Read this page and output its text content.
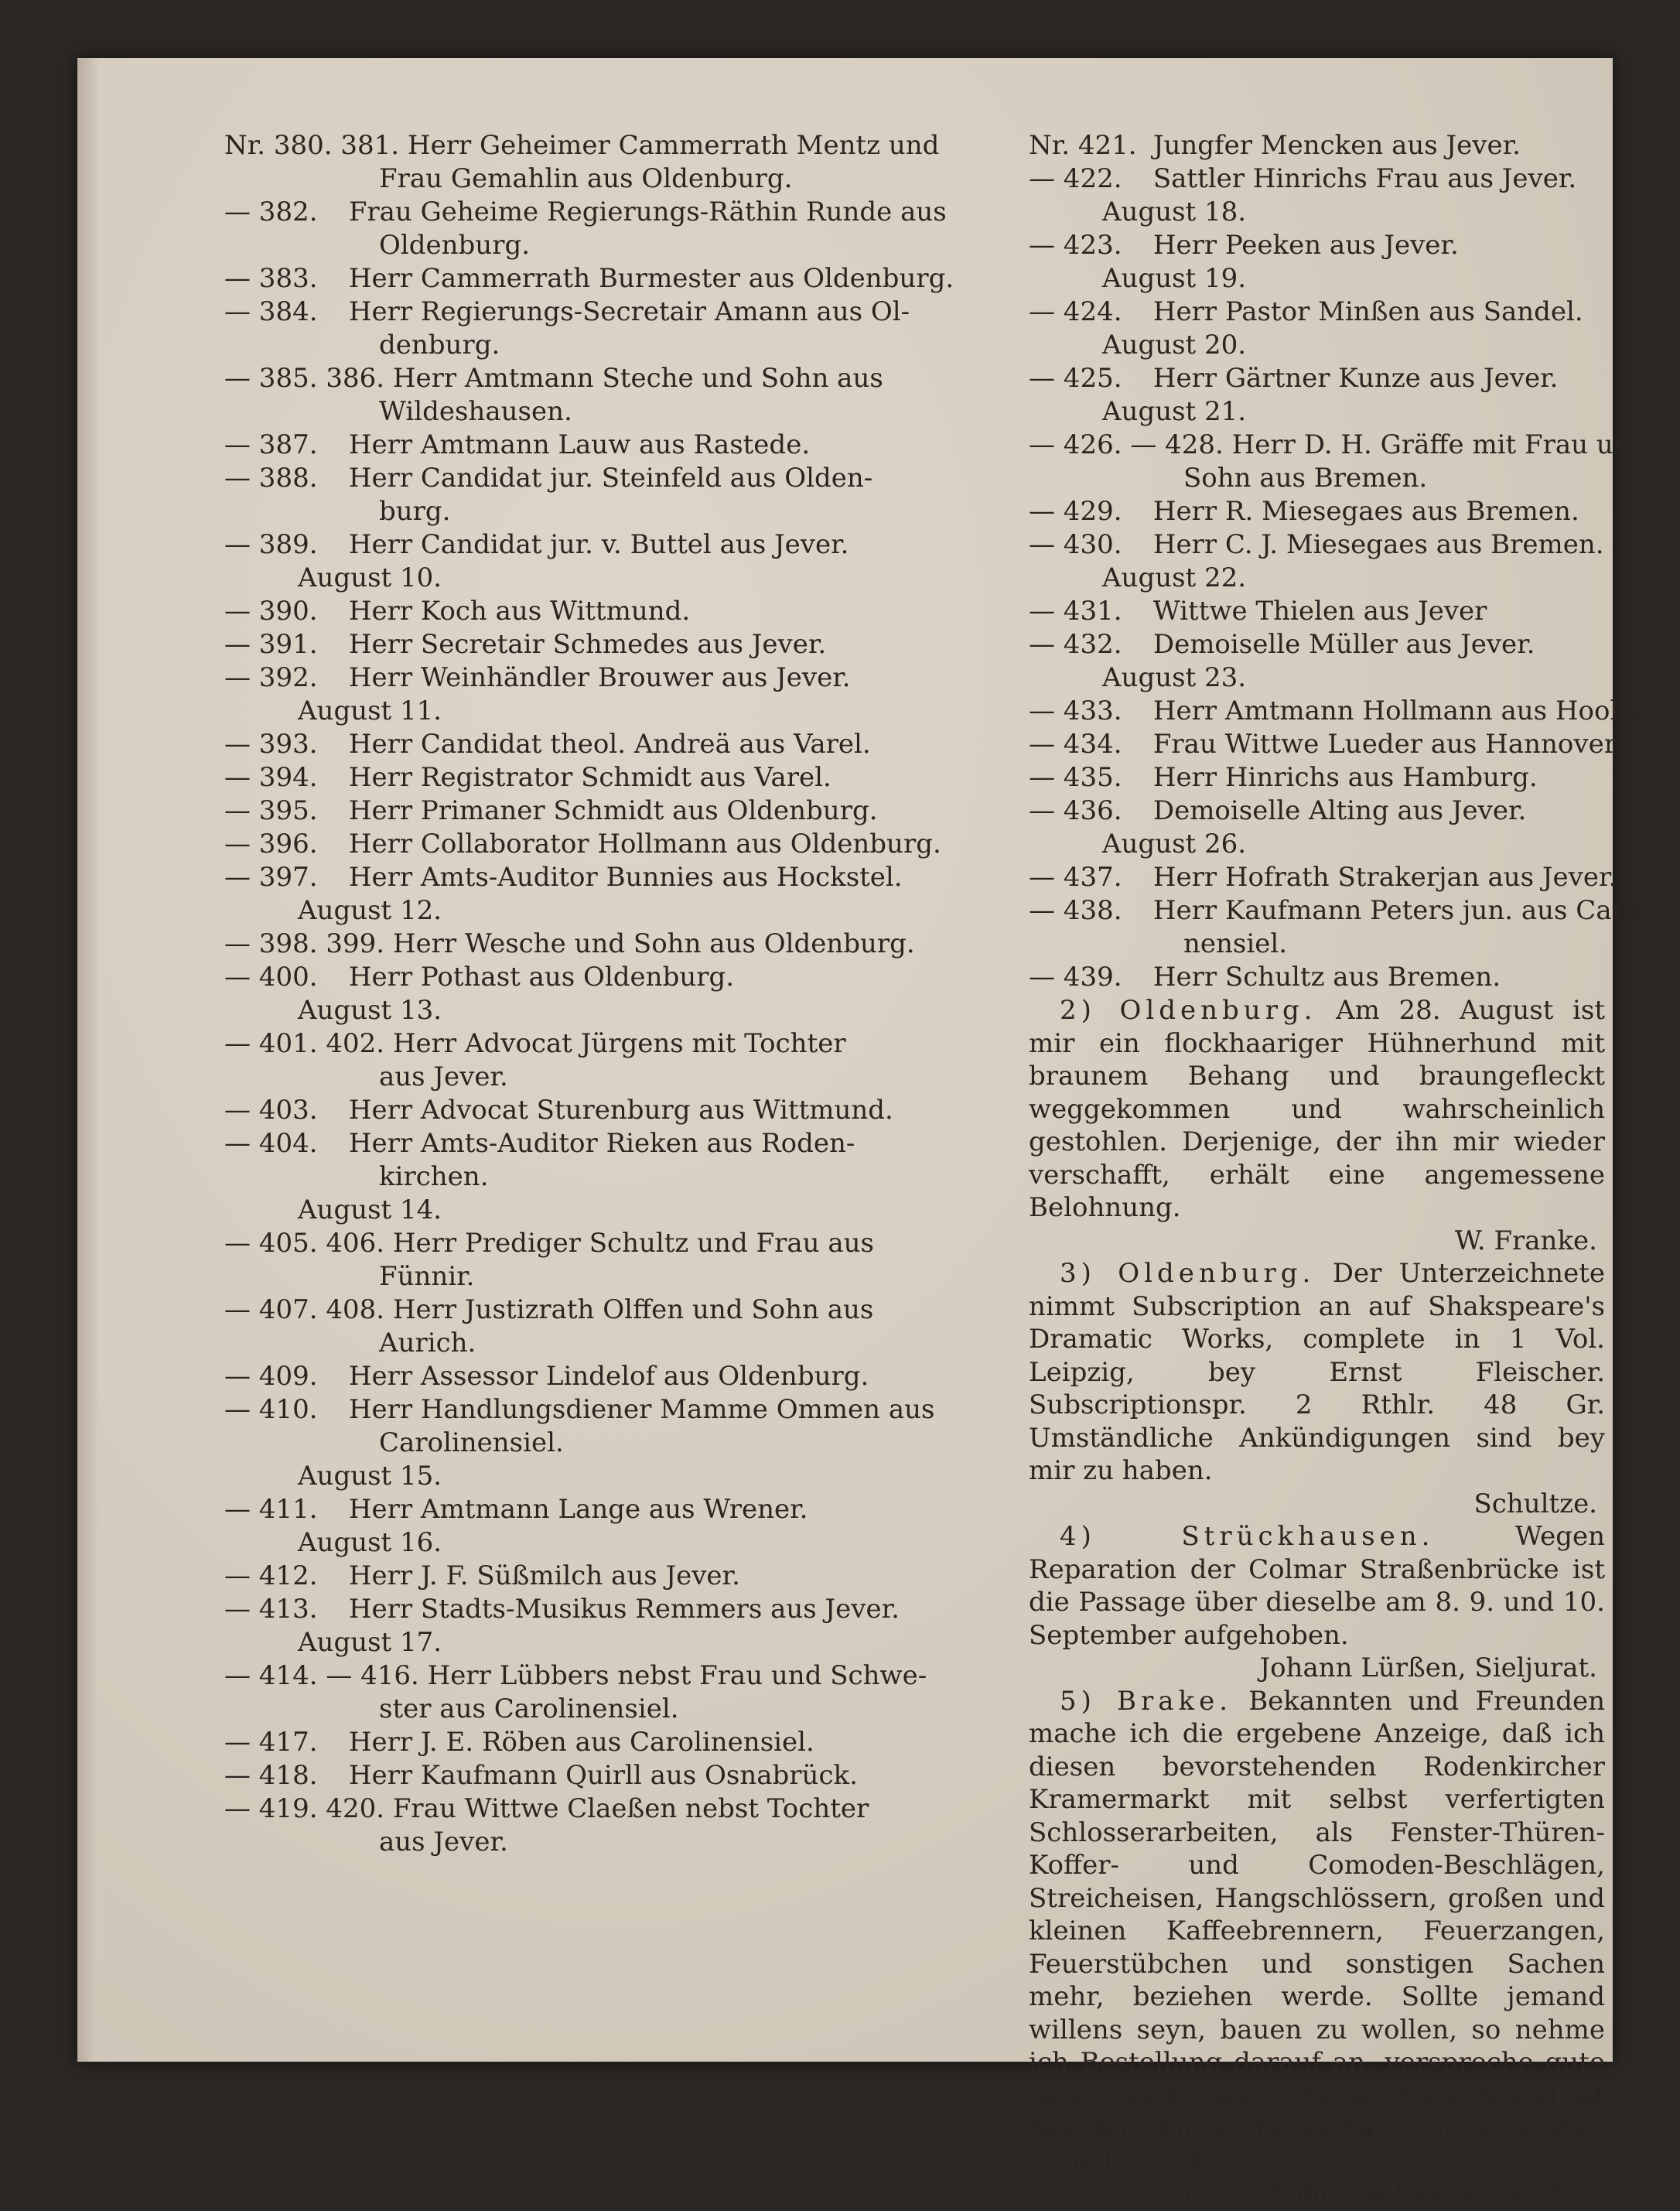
Nr. 380. 381. Herr Geheimer Cammerrath Mentz und
Frau Gemahlin aus Oldenburg.
— 382. Frau Geheime Regierungs-Räthin Runde aus
Oldenburg.
— 383. Herr Cammerrath Burmester aus Oldenburg.
— 384. Herr Regierungs-Secretair Amann aus Ol-
denburg.
— 385. 386. Herr Amtmann Steche und Sohn aus
Wildeshausen.
— 387. Herr Amtmann Lauw aus Rastede.
— 388. Herr Candidat jur. Steinfeld aus Olden-
burg.
— 389. Herr Candidat jur. v. Buttel aus Jever.
August 10.
— 390. Herr Koch aus Wittmund.
— 391. Herr Secretair Schmedes aus Jever.
— 392. Herr Weinhändler Brouwer aus Jever.
August 11.
— 393. Herr Candidat theol. Andreä aus Varel.
— 394. Herr Registrator Schmidt aus Varel.
— 395. Herr Primaner Schmidt aus Oldenburg.
— 396. Herr Collaborator Hollmann aus Oldenburg.
— 397. Herr Amts-Auditor Bunnies aus Hockstel.
August 12.
— 398. 399. Herr Wesche und Sohn aus Oldenburg.
— 400. Herr Pothast aus Oldenburg.
August 13.
— 401. 402. Herr Advocat Jürgens mit Tochter
aus Jever.
— 403. Herr Advocat Sturenburg aus Wittmund.
— 404. Herr Amts-Auditor Rieken aus Roden-
kirchen.
August 14.
— 405. 406. Herr Prediger Schultz und Frau aus
Fünnir.
— 407. 408. Herr Justizrath Olffen und Sohn aus
Aurich.
— 409. Herr Assessor Lindelof aus Oldenburg.
— 410. Herr Handlungsdiener Mamme Ommen aus
Carolinensiel.
August 15.
— 411. Herr Amtmann Lange aus Wrener.
August 16.
— 412. Herr J. F. Süßmilch aus Jever.
— 413. Herr Stadts-Musikus Remmers aus Jever.
August 17.
— 414. — 416. Herr Lübbers nebst Frau und Schwe-
ster aus Carolinensiel.
— 417. Herr J. E. Röben aus Carolinensiel.
— 418. Herr Kaufmann Quirll aus Osnabrück.
— 419. 420. Frau Wittwe Claeßen nebst Tochter
aus Jever.
Nr. 421. Jungfer Mencken aus Jever.
— 422. Sattler Hinrichs Frau aus Jever.
August 18.
— 423. Herr Peeken aus Jever.
August 19.
— 424. Herr Pastor Minßen aus Sandel.
August 20.
— 425. Herr Gärtner Kunze aus Jever.
August 21.
— 426. — 428. Herr D. H. Gräffe mit Frau und
Sohn aus Bremen.
— 429. Herr R. Miesegaes aus Bremen.
— 430. Herr C. J. Miesegaes aus Bremen.
August 22.
— 431. Wittwe Thielen aus Jever
— 432. Demoiselle Müller aus Jever.
August 23.
— 433. Herr Amtmann Hollmann aus Hooksiel.
— 434. Frau Wittwe Lueder aus Hannover.
— 435. Herr Hinrichs aus Hamburg.
— 436. Demoiselle Alting aus Jever.
August 26.
— 437. Herr Hofrath Strakerjan aus Jever.
— 438. Herr Kaufmann Peters jun. aus Caroli-
nensiel.
— 439. Herr Schultz aus Bremen.
2) Oldenburg. Am 28. August ist mir ein flockhaariger Hühnerhund mit braunem Behang und braungefleckt weggekommen und wahrscheinlich gestohlen. Derjenige, der ihn mir wieder verschafft, erhält eine angemessene Belohnung.
W. Franke.
3) Oldenburg. Der Unterzeichnete nimmt Subscription an auf Shakspeare's Dramatic Works, complete in 1 Vol. Leipzig, bey Ernst Fleischer. Subscriptionspr. 2 Rthlr. 48 Gr. Umständliche Ankündigungen sind bey mir zu haben.
Schultze.
4) Strückhausen.	Wegen Reparation der Colmar Straßenbrücke ist die Passage über dieselbe am 8. 9. und 10. September aufgehoben.
Johann Lürßen, Sieljurat.
5) Brake. Bekannten und Freunden mache ich die ergebene Anzeige, daß ich diesen bevorstehenden Rodenkircher Kramermarkt mit selbst verfertigten Schlosserarbeiten, als Fenster-Thüren-Koffer- und Comoden-Beschlägen, Streicheisen, Hangschlössern, großen und kleinen Kaffeebrennern, Feuerzangen, Feuerstübchen und sonstigen Sachen mehr, beziehen werde. Sollte jemand willens seyn, bauen zu wollen, so nehme ich Bestellung darauf an, verspreche gute Arbeit und billige Preise. Mein Stand ist bey dem Einfahrts-Rollbaum in der ersten Linie linker Hand.
Lorenz Böhm, Schlossermeister.
